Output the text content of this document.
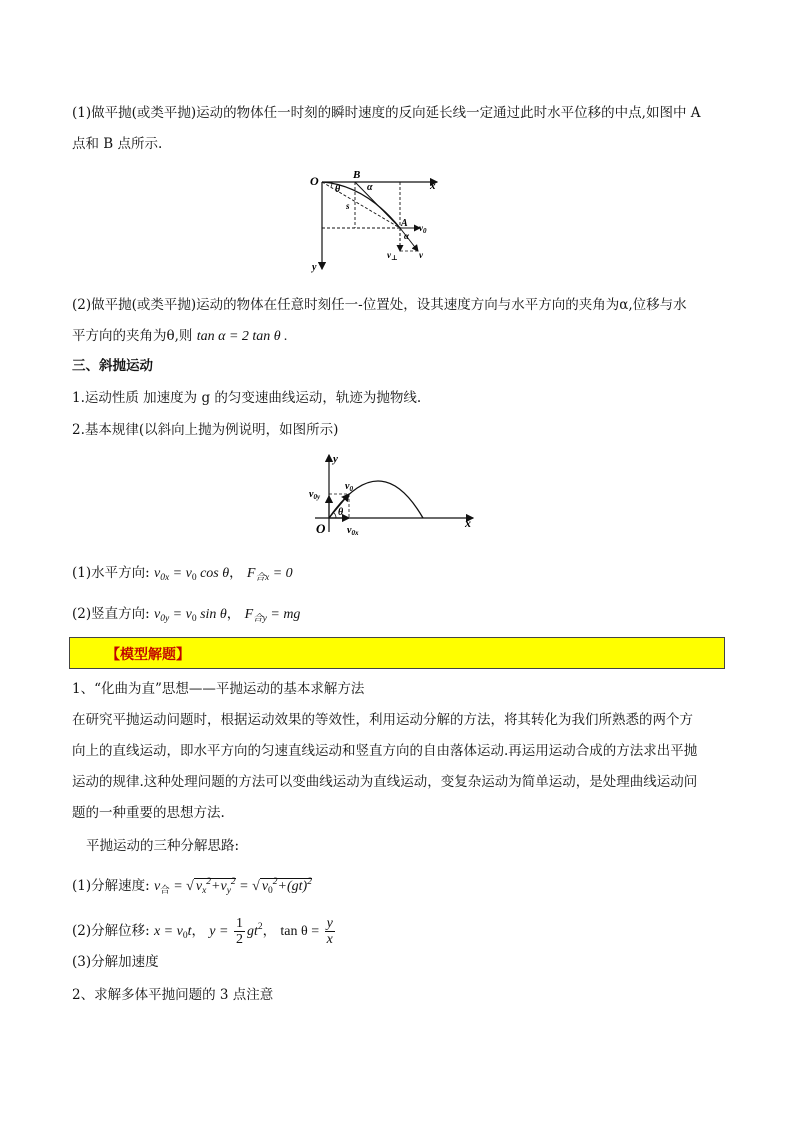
(1)做平抛(或类平抛)运动的物体任一时刻的瞬时速度的反向延长线一定通过此时水平位移的中点,如图中 A
点和 B 点所示.
O	B
α	x
θ
s
A $v_0$
α
$v_\perp$ v
y
(2)做平抛(或类平抛)运动的物体在任意时刻任一-位置处，设其速度方向与水平方向的夹角为α,位移与水
平方向的夹角为θ,则 tan α = 2 tan θ .
三、斜抛运动
1.运动性质 加速度为 g 的匀变速曲线运动，轨迹为抛物线.
2.基本规律(以斜向上抛为例说明，如图所示)
y
$v_0$
$v_{0y}$
θ
O $v_{0x}$
x
(1)水平方向: $v_{0x} = v_0$ cos θ， $F_{合x} = 0$
(2)竖直方向: $v_{0y} = v_0$ sin θ， $F_{合y}$ = mg
【模型解题】
1、“化曲为直”思想——平抛运动的基本求解方法
在研究平抛运动问题时，根据运动效果的等效性，利用运动分解的方法，将其转化为我们所熟悉的两个方
向上的直线运动，即水平方向的匀速直线运动和竖直方向的自由落体运动.再运用运动合成的方法求出平抛
运动的规律.这种处理问题的方法可以变曲线运动为直线运动，变复杂运动为简单运动，是处理曲线运动问
题的一种重要的思想方法.
平抛运动的三种分解思路:
(1)分解速度: $v_合$ = √ $v_x^2+v_y^2$ = √ $v_0^2+(gt)^2$
(2)分解位移: $x = v_0t$， $y = \frac{1}{2} gt^2$， $\tan \theta = \frac{y}{x}$
(3)分解加速度
2、求解多体平抛问题的 3 点注意
